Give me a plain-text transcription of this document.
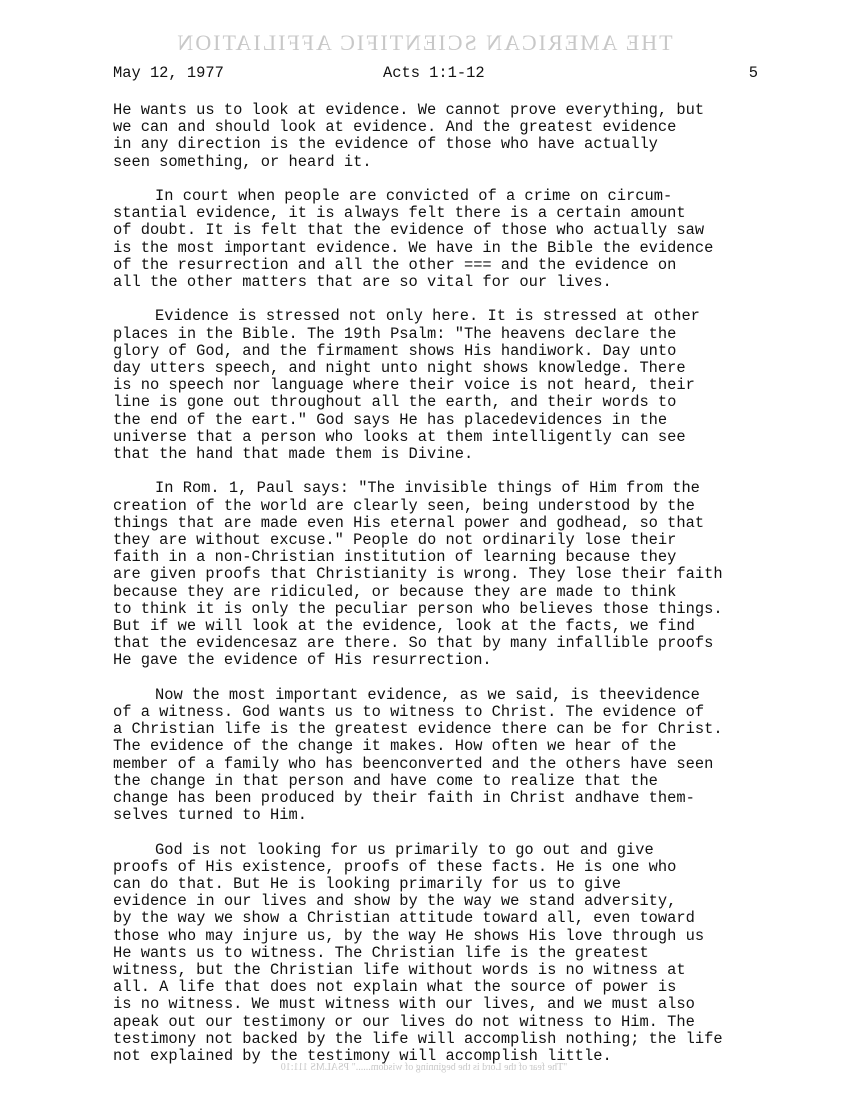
THE AMERICAN SCIENTIFIC AFFILIATION
May 12, 1977	Acts 1:1-12	5

He wants us to look at evidence. We cannot prove everything, but
we can and should look at evidence. And the greatest evidence
in any direction is the evidence of those who have actually
seen something, or heard it.

In court when people are convicted of a crime on circum-
stantial evidence, it is always felt there is a certain amount
of doubt. It is felt that the evidence of those who actually saw
is the most important evidence. We have in the Bible the evidence
of the resurrection and all the other === and the evidence on
all the other matters that are so vital for our lives.

Evidence is stressed not only here. It is stressed at other
places in the Bible. The 19th Psalm: "The heavens declare the
glory of God, and the firmament shows His handiwork. Day unto
day utters speech, and night unto night shows knowledge. There
is no speech nor language where their voice is not heard, their
line is gone out throughout all the earth, and their words to
the end of the eart." God says He has placedevidences in the
universe that a person who looks at them intelligently can see
that the hand that made them is Divine.

In Rom. 1, Paul says: "The invisible things of Him from the
creation of the world are clearly seen, being understood by the
things that are made even His eternal power and godhead, so that
they are without excuse." People do not ordinarily lose their
faith in a non-Christian institution of learning because they
are given proofs that Christianity is wrong. They lose their faith
because they are ridiculed, or because they are made to think
to think it is only the peculiar person who believes those things.
But if we will look at the evidence, look at the facts, we find
that the evidencesaz are there. So that by many infallible proofs
He gave the evidence of His resurrection.

Now the most important evidence, as we said, is theevidence
of a witness. God wants us to witness to Christ. The evidence of
a Christian life is the greatest evidence there can be for Christ.
The evidence of the change it makes. How often we hear of the
member of a family who has beenconverted and the others have seen
the change in that person and have come to realize that the
change has been produced by their faith in Christ andhave them-
selves turned to Him.

God is not looking for us primarily to go out and give
proofs of His existence, proofs of these facts. He is one who
can do that. But He is looking primarily for us to give
evidence in our lives and show by the way we stand adversity,
by the way we show a Christian attitude toward all, even toward
those who may injure us, by the way He shows His love through us
He wants us to witness. The Christian life is the greatest
witness, but the Christian life without words is no witness at
all. A life that does not explain what the source of power is
is no witness. We must witness with our lives, and we must also
apeak out our testimony or our lives do not witness to Him. The
testimony not backed by the life will accomplish nothing; the life
not explained by the testimony will accomplish little.

"The fear of the Lord is the beginning of wisdom......" PSALMS 111:10
